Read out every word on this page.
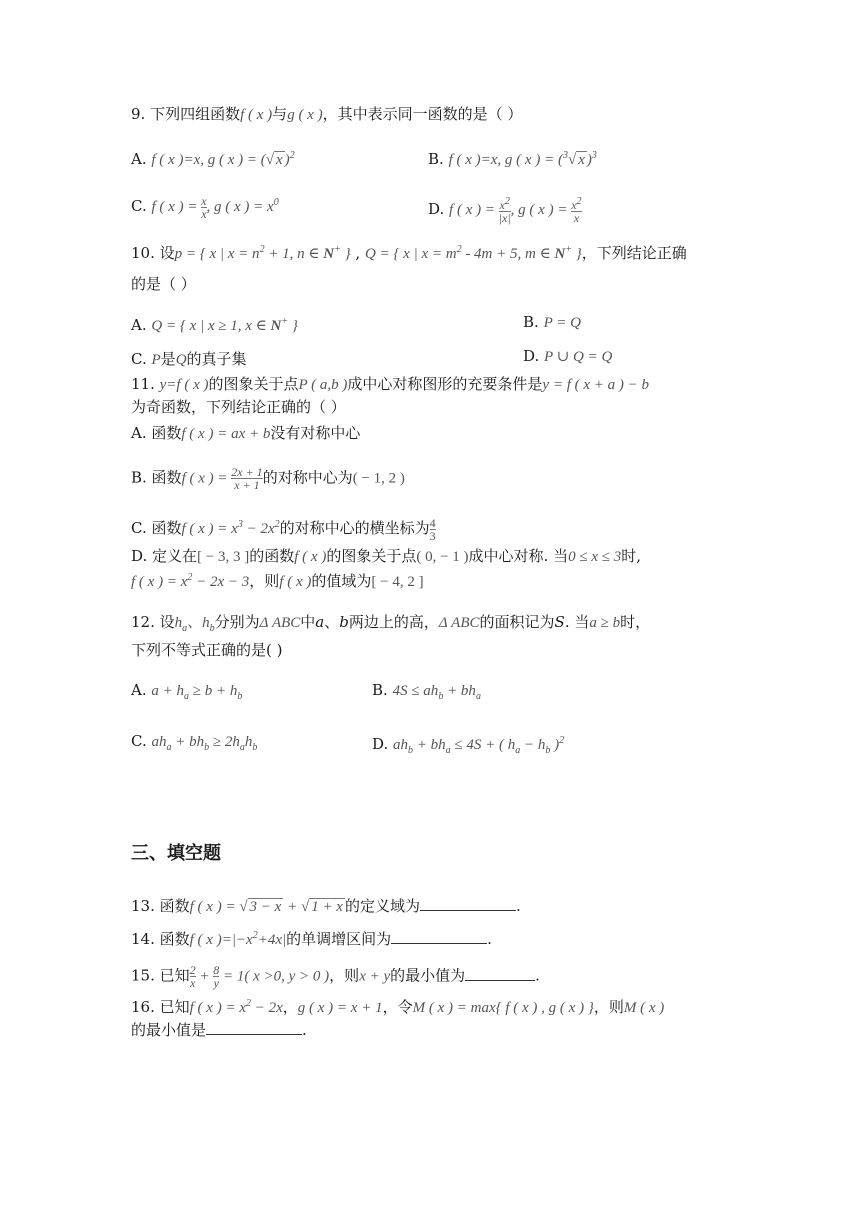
9. 下列四组函数f ( x )与g ( x )，其中表示同一函数的是（ ）
A. f ( x )=x, g ( x ) = (√ x )$^2$	B. f ( x )=x, g ( x ) = ($^3$√ x )$^3$
C. f ( x ) = $\frac{x}{x}$ , g ( x ) = $x^0$	D. f ( x ) = $\frac{x^2}{|x|}$ , g ( x ) = $\frac{x^2}{x}$
10. 设p = { x | $x = n^2 + 1$, n ∈ N+ } , Q = { x | $x = m^2 - 4m + 5$, m ∈ N+ }，下列结论正确
的是（ ）
A. Q = { x | x ≥ 1, x ∈ N+ }	B. P = Q
C. P是Q的真子集	D. P ∪ Q = Q
11. y=f ( x )的图象关于点P ( a,b )成中心对称图形的充要条件是y = f ( x + a ) − b
为奇函数，下列结论正确的（ ）
A. 函数f ( x ) = ax + b没有对称中心
B. 函数f ( x ) = $\frac{2x + 1}{x + 1}$ 的对称中心为( − 1, 2 )
C. 函数f ( x ) = $x^3 - 2x^2$的对称中心的横坐标为 $\frac{4}{3}$
D. 定义在[ − 3, 3 ]的函数f ( x )的图象关于点( 0, − 1 )成中心对称. 当0 ≤ x ≤ 3时,
f ( x ) = $x^2 - 2x - 3$，则f ( x )的值域为[ − 4, 2 ]
12. 设$h_a$、$h_b$分别为Δ ABC中a、b两边上的高，Δ ABC的面积记为S. 当a ≥ b时，
下列不等式正确的是( )
A. $a + h_a \ge b + h_b$	B. $4S \le ah_b + bh_a$
C. $ah_a + bh_b \ge 2h_ah_b$	D. $ah_b + bh_a \le 4S$ + ( $h_a - h_b$ )$^2$
三、填空题
13. 函数f ( x ) = √ 3 − x + √ 1 + x 的定义域为	.
14. 函数f ( x )$=|-x^2+4x|$的单调增区间为	.
15. 已知 $\frac{2}{x} + \frac{8}{y} = 1$( x >0, y > 0 )，则x + y的最小值为	.
16. 已知f ( x ) = $x^2 - 2x$，g ( x ) = x + 1，令M ( x ) = max{ f ( x ) , g ( x ) }，则M ( x )
的最小值是	.
